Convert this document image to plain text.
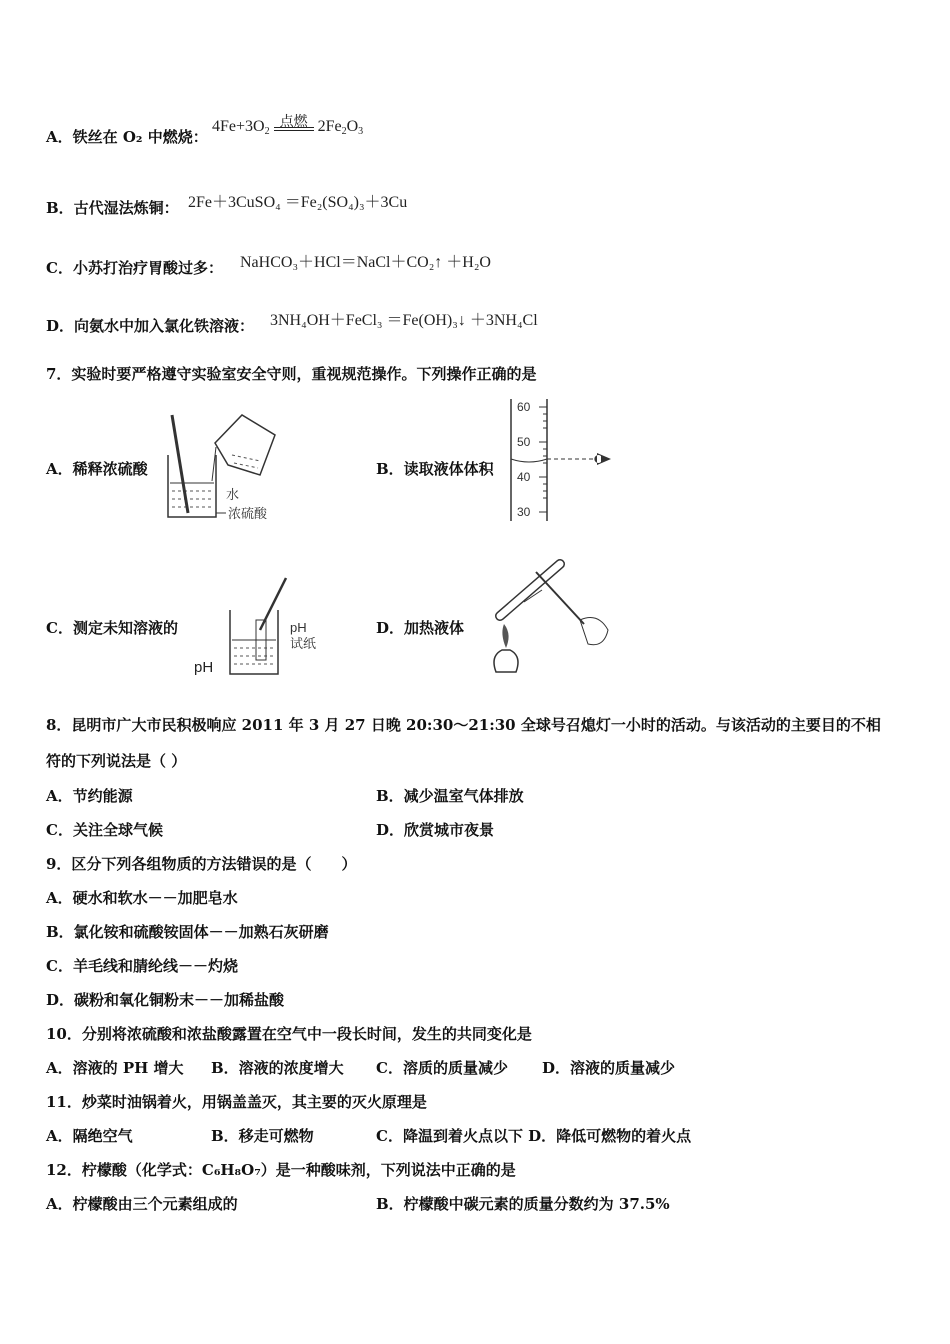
A．铁丝在 O₂ 中燃烧：
$4Fe+3O_2$
点燃 $2Fe_2O_3$
B．古代湿法炼铜： 2Fe＋3CuSO₄ ＝Fe₂(SO₄)₃＋3Cu
C．小苏打治疗胃酸过多： NaHCO₃＋HCl＝NaCl＋CO₂↑ ＋H₂O
D．向氨水中加入氯化铁溶液： 3NH₄OH＋FeCl₃ ＝Fe(OH)₃↓ ＋3NH₄Cl
7．实验时要严格遵守实验室安全守则，重视规范操作。下列操作正确的是
A．稀释浓硫酸	B．读取液体体积
水
浓硫酸
60
50
40
30
C．测定未知溶液的	D．加热液体
pH
试纸
pH
8．昆明市广大市民积极响应 2011 年 3 月 27 日晚 20:30～21:30 全球号召熄灯一小时的活动。与该活动的主要目的不相
符的下列说法是（ ）
A．节约能源	B．减少温室气体排放
C．关注全球气候	D．欣赏城市夜景
9．区分下列各组物质的方法错误的是（　　）
A．硬水和软水－－加肥皂水
B．氯化铵和硫酸铵固体－－加熟石灰研磨
C．羊毛线和腈纶线－－灼烧
D．碳粉和氧化铜粉末－－加稀盐酸
10．分别将浓硫酸和浓盐酸露置在空气中一段长时间，发生的共同变化是
A．溶液的 PH 增大 B．溶液的浓度增大 C．溶质的质量减少 D．溶液的质量减少
11．炒菜时油锅着火，用锅盖盖灭，其主要的灭火原理是
A．隔绝空气	B．移走可燃物	C．降温到着火点以下 D．降低可燃物的着火点
12．柠檬酸（化学式：C₆H₈O₇）是一种酸味剂，下列说法中正确的是
A．柠檬酸由三个元素组成的	B．柠檬酸中碳元素的质量分数约为 37.5%
